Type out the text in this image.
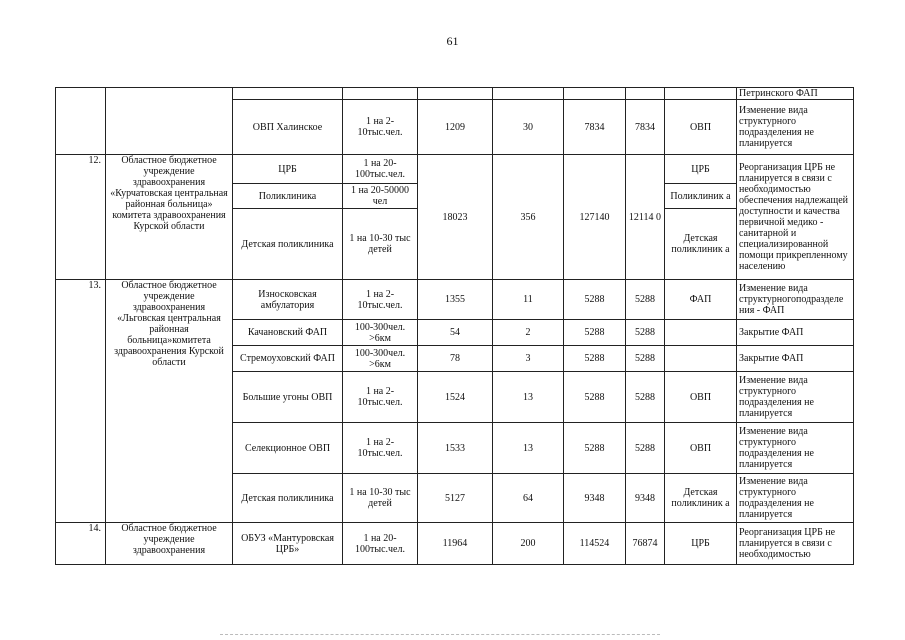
61
									Петринского ФАП
		ОВП Халинское	1 на 2-10тыс.чел.	1209	30	7834	7834	ОВП	Изменение вида структурного подразделения не планируется
12.	Областное бюджетное учреждение здравоохранения «Курчатовская центральная районная больница» комитета здравоохранения Курской области	ЦРБ	1 на 20-100тыс.чел.	18023	356	127140	12114 0	ЦРБ	Реорганизация ЦРБ не планируется в связи с необходимостью обеспечения надлежащей доступности и качества первичной медико - санитарной и специализированной помощи прикрепленному населению
		Поликлиника	1 на 20-50000 чел					Поликлиник а	
		Детская поликлиника	1 на 10-30 тыс детей					Детская поликлиник а	
13.	Областное бюджетное учреждение здравоохранения «Льговская центральная районная больница»комитета здравоохранения Курской области	Износковская амбулатория	1 на 2-10тыс.чел.	1355	11	5288	5288	ФАП	Изменение вида структурногоподразделе ния - ФАП
		Качановский ФАП	100-300чел. >6км	54	2	5288	5288		Закрытие ФАП
		Стремоуховский ФАП	100-300чел. >6км	78	3	5288	5288		Закрытие ФАП
		Большие угоны ОВП	1 на 2-10тыс.чел.	1524	13	5288	5288	ОВП	Изменение вида структурного подразделения не планируется
		Селекционное ОВП	1 на 2-10тыс.чел.	1533	13	5288	5288	ОВП	Изменение вида структурного подразделения не планируется
		Детская поликлиника	1 на 10-30 тыс детей	5127	64	9348	9348	Детская поликлиник а	Изменение вида структурного подразделения не планируется
14.	Областное бюджетное учреждение здравоохранения	ОБУЗ «Мантуровская ЦРБ»	1 на 20-100тыс.чел.	11964	200	114524	76874	ЦРБ	Реорганизация ЦРБ не планируется в связи с необходимостью
